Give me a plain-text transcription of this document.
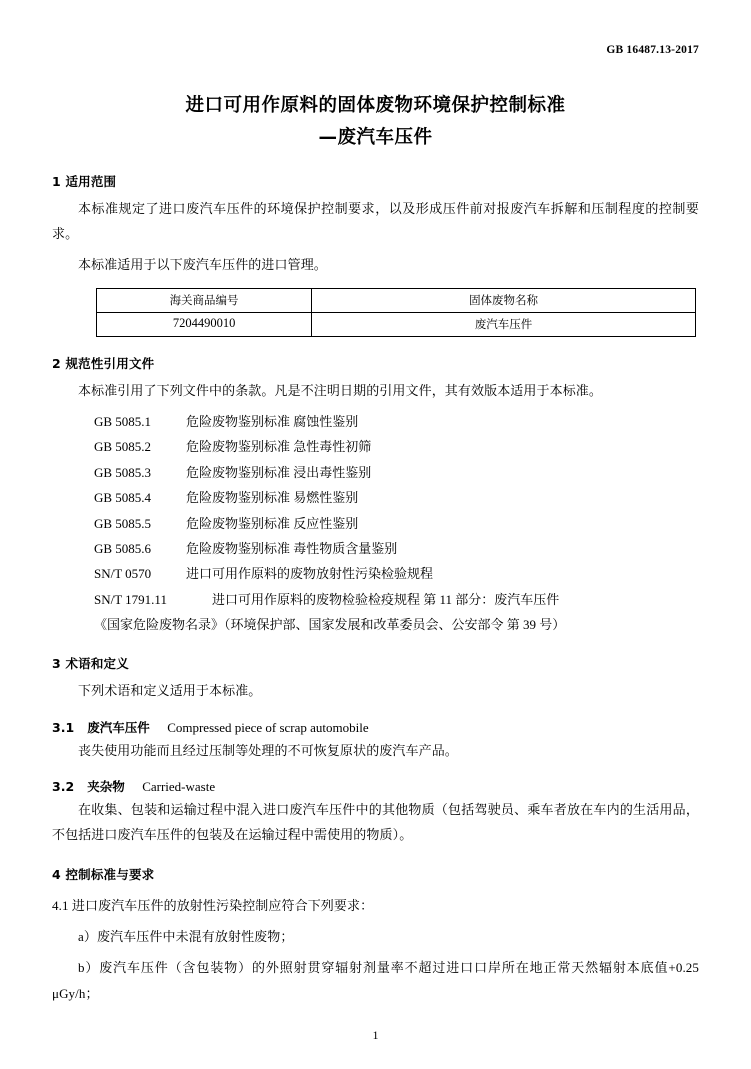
GB 16487.13-2017
进口可用作原料的固体废物环境保护控制标准
—废汽车压件
1 适用范围

本标准规定了进口废汽车压件的环境保护控制要求，以及形成压件前对报废汽车拆解和压制程度的控制要求。

本标准适用于以下废汽车压件的进口管理。

海关商品编号	固体废物名称
7204490010	废汽车压件
2 规范性引用文件

本标准引用了下列文件中的条款。凡是不注明日期的引用文件，其有效版本适用于本标准。

GB 5085.1	危险废物鉴别标准 腐蚀性鉴别
GB 5085.2	危险废物鉴别标准 急性毒性初筛
GB 5085.3	危险废物鉴别标准 浸出毒性鉴别
GB 5085.4	危险废物鉴别标准 易燃性鉴别
GB 5085.5	危险废物鉴别标准 反应性鉴别
GB 5085.6	危险废物鉴别标准 毒性物质含量鉴别
SN/T 0570	进口可用作原料的废物放射性污染检验规程
SN/T 1791.11	进口可用作原料的废物检验检疫规程 第 11 部分：废汽车压件
《国家危险废物名录》（环境保护部、国家发展和改革委员会、公安部令 第 39 号）
3 术语和定义

下列术语和定义适用于本标准。

3.1 废汽车压件 Compressed piece of scrap automobile

丧失使用功能而且经过压制等处理的不可恢复原状的废汽车产品。

3.2 夹杂物 Carried-waste

在收集、包装和运输过程中混入进口废汽车压件中的其他物质（包括驾驶员、乘车者放在车内的生活用品，不包括进口废汽车压件的包装及在运输过程中需使用的物质）。

4 控制标准与要求

4.1 进口废汽车压件的放射性污染控制应符合下列要求：

a）废汽车压件中未混有放射性废物；

b）废汽车压件（含包装物）的外照射贯穿辐射剂量率不超过进口口岸所在地正常天然辐射本底值+0.25 μGy/h；

1
